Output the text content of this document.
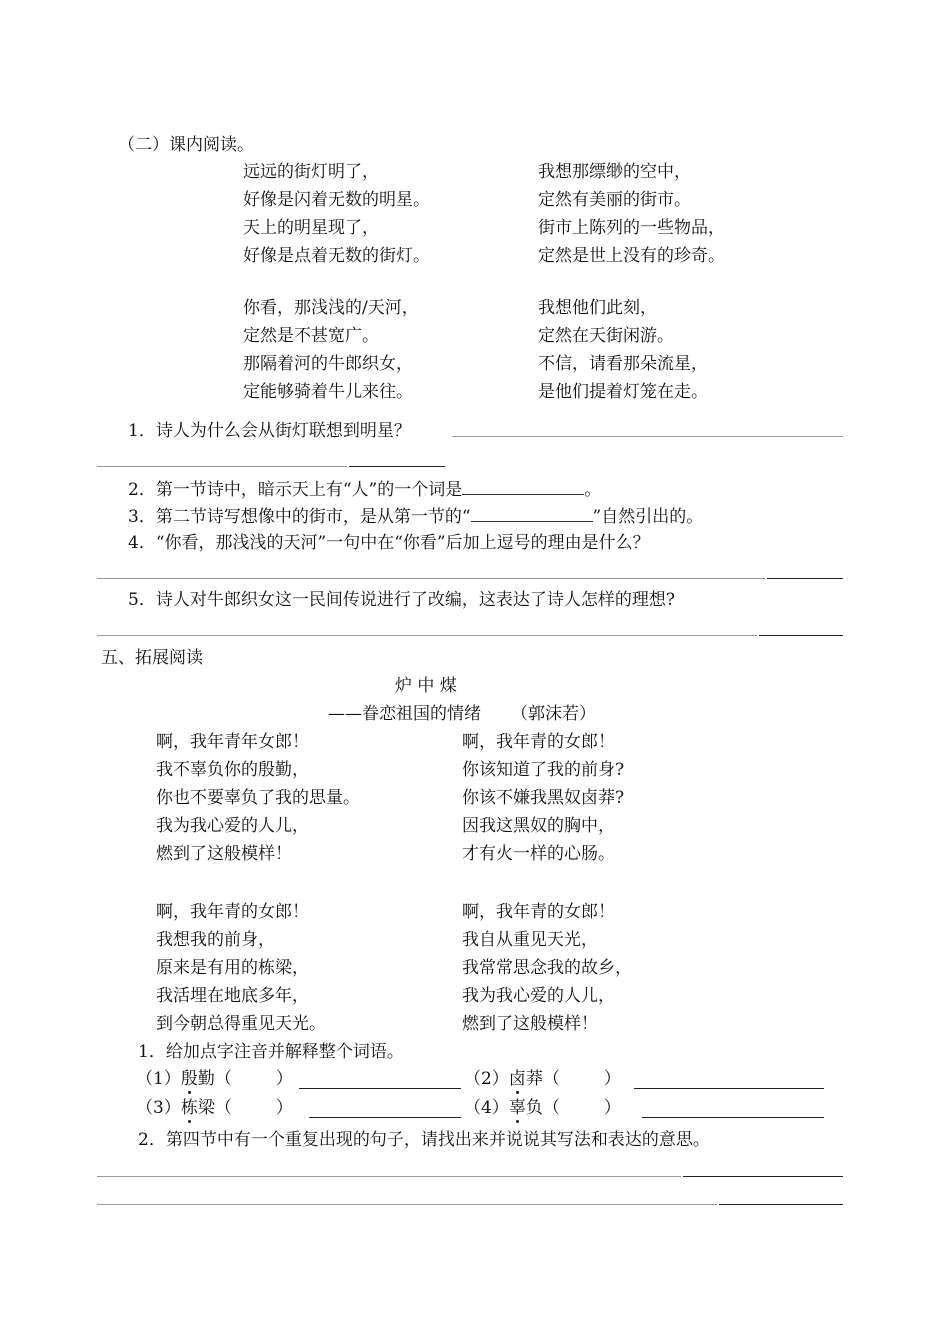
（二）课内阅读。
远远的街灯明了，
好像是闪着无数的明星。
天上的明星现了，
好像是点着无数的街灯。
你看，那浅浅的/天河，
定然是不甚宽广。
那隔着河的牛郎织女，
定能够骑着牛儿来往。
我想那缥缈的空中，
定然有美丽的街市。
街市上陈列的一些物品，
定然是世上没有的珍奇。
我想他们此刻，
定然在天街闲游。
不信，请看那朵流星，
是他们提着灯笼在走。
1．诗人为什么会从街灯联想到明星？
2．第一节诗中，暗示天上有“人”的一个词是	。
3．第二节诗写想像中的街市，是从第一节的“	”自然引出的。
4．“你看，那浅浅的天河”一句中在“你看”后加上逗号的理由是什么？
5．诗人对牛郎织女这一民间传说进行了改编，这表达了诗人怎样的理想?
五、拓展阅读
炉 中 煤
——眷恋祖国的情绪 （郭沫若）
啊，我年青年女郎！
我不辜负你的殷勤，
你也不要辜负了我的思量。
我为我心爱的人儿，
燃到了这般模样！
啊，我年青的女郎！
我想我的前身，
原来是有用的栋梁，
我活埋在地底多年，
到今朝总得重见天光。
啊，我年青的女郎！
你该知道了我的前身?
你该不嫌我黑奴卤莽?
因我这黑奴的胸中，
才有火一样的心肠。
啊，我年青的女郎！
我自从重见天光，
我常常思念我的故乡，
我为我心爱的人儿，
燃到了这般模样！
1．给加点字注音并解释整个词语。
（1）殷勤（	）	（2）卤莽（	）
（3）栋梁（	）	（4）辜负（	）
2．第四节中有一个重复出现的句子，请找出来并说说其写法和表达的意思。
